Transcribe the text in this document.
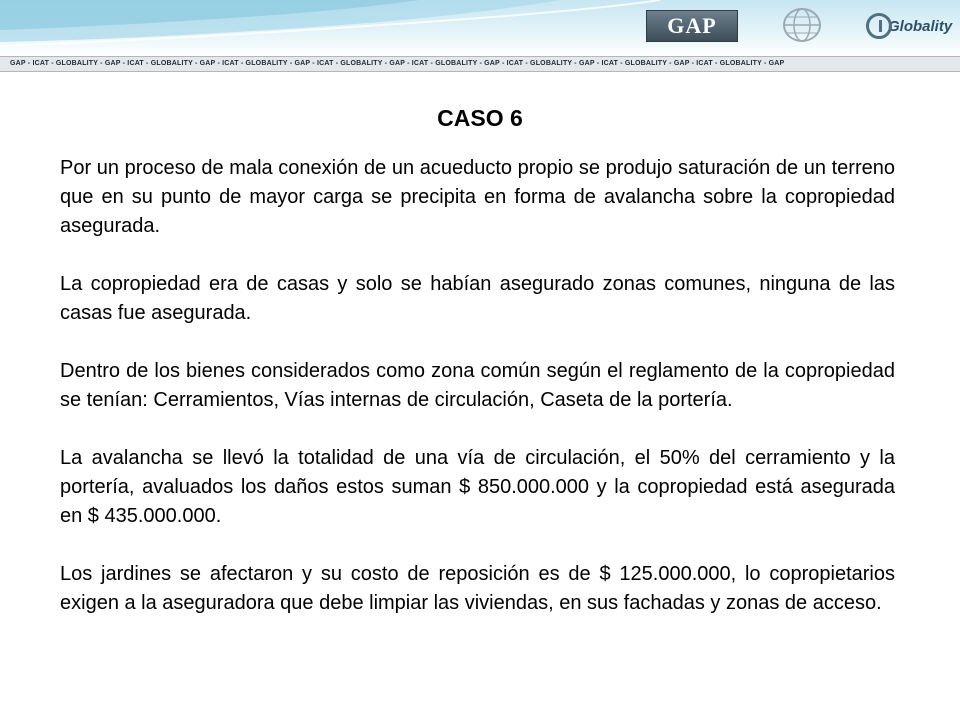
GAP	Globality
GAP - ICAT - GLOBALITY - GAP - ICAT - GLOBALITY - GAP - ICAT - GLOBALITY - GAP - ICAT - GLOBALITY - GAP - ICAT - GLOBALITY - GAP - ICAT - GLOBALITY - GAP - ICAT - GLOBALITY - GAP - ICAT - GLOBALITY - GAP
CASO 6

Por un proceso de mala conexión de un acueducto propio se produjo saturación de un terreno que en su punto de mayor carga se precipita en forma de avalancha sobre la copropiedad asegurada.

La copropiedad era de casas y solo se habían asegurado zonas comunes, ninguna de las casas fue asegurada.

Dentro de los bienes considerados como zona común según el reglamento de la copropiedad se tenían: Cerramientos, Vías internas de circulación, Caseta de la portería.

La avalancha se llevó la totalidad de una vía de circulación, el 50% del cerramiento y la portería, avaluados los daños estos suman $ 850.000.000 y la copropiedad está asegurada en $ 435.000.000.

Los jardines se afectaron y su costo de reposición es de $ 125.000.000, lo copropietarios exigen a la aseguradora que debe limpiar las viviendas, en sus fachadas y zonas de acceso.
